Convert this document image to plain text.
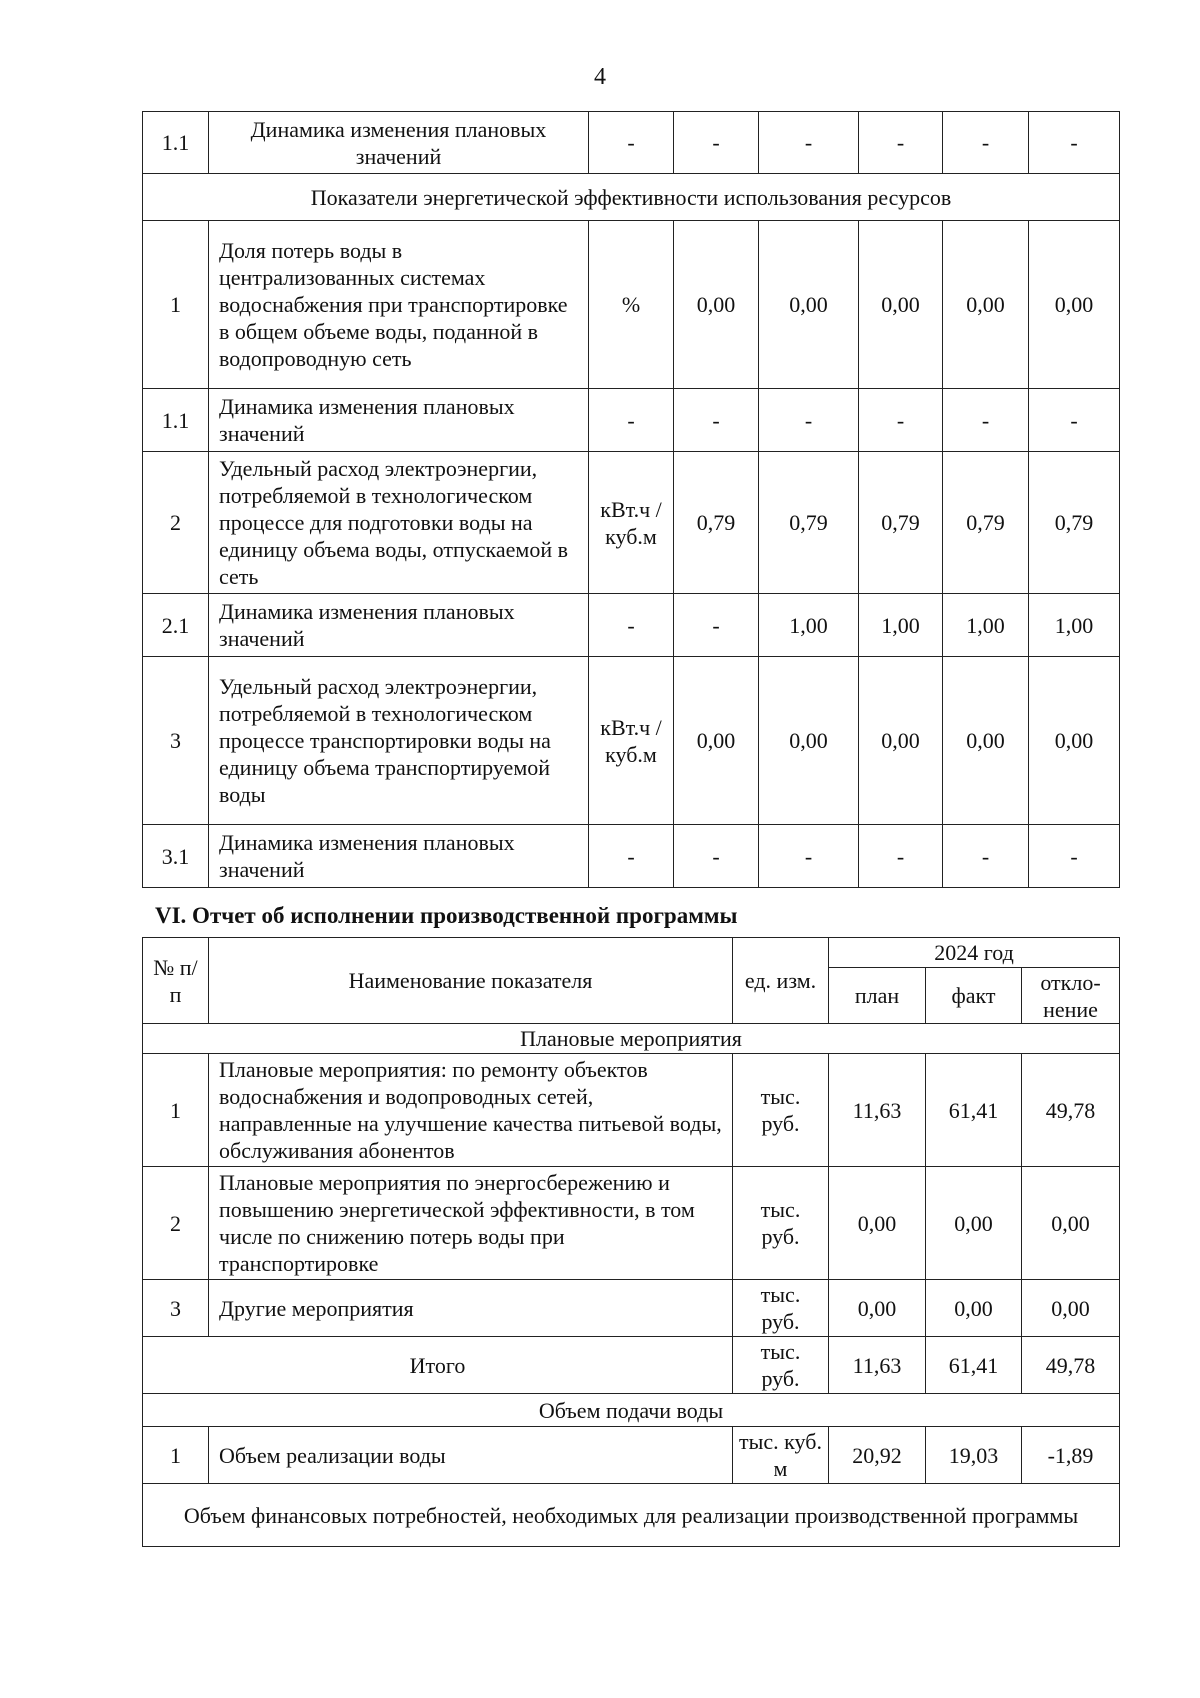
4
1.1	Динамика изменения плановых значений	-	-	-	-	-	-
Показатели энергетической эффективности использования ресурсов							
1	Доля потерь воды в централизованных системах водоснабжения при транспортировке в общем объеме воды, поданной в водопроводную сеть	%	0,00	0,00	0,00	0,00	0,00
1.1	Динамика изменения плановых значений	-	-	-	-	-	-
2	Удельный расход электроэнергии, потребляемой в технологическом процессе для подготовки воды на единицу объема воды, отпускаемой в сеть	кВт.ч / куб.м	0,79	0,79	0,79	0,79	0,79
2.1	Динамика изменения плановых значений	-	-	1,00	1,00	1,00	1,00
3	Удельный расход электроэнергии, потребляемой в технологическом процессе транспортировки воды на единицу объема транспортируемой воды	кВт.ч / куб.м	0,00	0,00	0,00	0,00	0,00
3.1	Динамика изменения плановых значений	-	-	-	-	-	-
VI. Отчет об исполнении производственной программы
№ п/п	Наименование показателя	ед. изм.	2024 год		
			план	факт	откло-нение
Плановые мероприятия					
1	Плановые мероприятия: по ремонту объектов водоснабжения и водопроводных сетей, направленные на улучшение качества питьевой воды, обслуживания абонентов	тыс. руб.	11,63	61,41	49,78
2	Плановые мероприятия по энергосбережению и повышению энергетической эффективности, в том числе по снижению потерь воды при транспортировке	тыс. руб.	0,00	0,00	0,00
3	Другие мероприятия	тыс. руб.	0,00	0,00	0,00
Итого		тыс. руб.	11,63	61,41	49,78
Объем подачи воды					
1	Объем реализации воды	тыс. куб. м	20,92	19,03	-1,89
Объем финансовых потребностей, необходимых для реализации производственной программы					
